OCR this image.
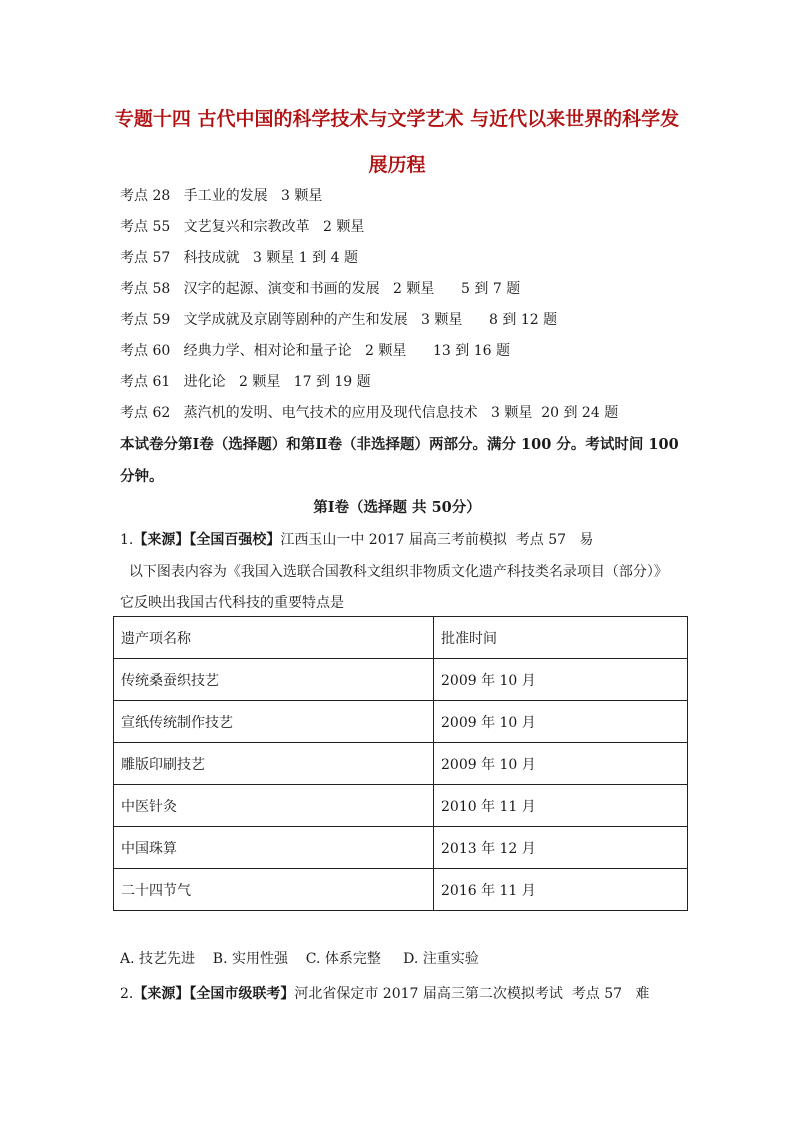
专题十四 古代中国的科学技术与文学艺术 与近代以来世界的科学发
展历程
考点 28   手工业的发展   3 颗星
考点 55   文艺复兴和宗教改革   2 颗星
考点 57   科技成就   3 颗星 1 到 4 题
考点 58   汉字的起源、演变和书画的发展   2 颗星      5 到 7 题
考点 59   文学成就及京剧等剧种的产生和发展   3 颗星      8 到 12 题
考点 60   经典力学、相对论和量子论   2 颗星      13 到 16 题
考点 61   进化论   2 颗星   17 到 19 题
考点 62   蒸汽机的发明、电气技术的应用及现代信息技术   3 颗星  20 到 24 题
本试卷分第Ⅰ卷（选择题）和第Ⅱ卷（非选择题）两部分。满分 100 分。考试时间 100 分钟。
第Ⅰ卷（选择题 共 50分）
1.【来源】【全国百强校】江西玉山一中 2017 届高三考前模拟  考点 57   易
以下图表内容为《我国入选联合国教科文组织非物质文化遗产科技类名录项目（部分）》
它反映出我国古代科技的重要特点是
遗产项名称	批准时间
传统桑蚕织技艺	2009 年 10 月
宣纸传统制作技艺	2009 年 10 月
雕版印刷技艺	2009 年 10 月
中医针灸	2010 年 11 月
中国珠算	2013 年 12 月
二十四节气	2016 年 11 月
A. 技艺先进    B. 实用性强    C. 体系完整     D. 注重实验
2.【来源】【全国市级联考】河北省保定市 2017 届高三第二次模拟考试  考点 57   难
